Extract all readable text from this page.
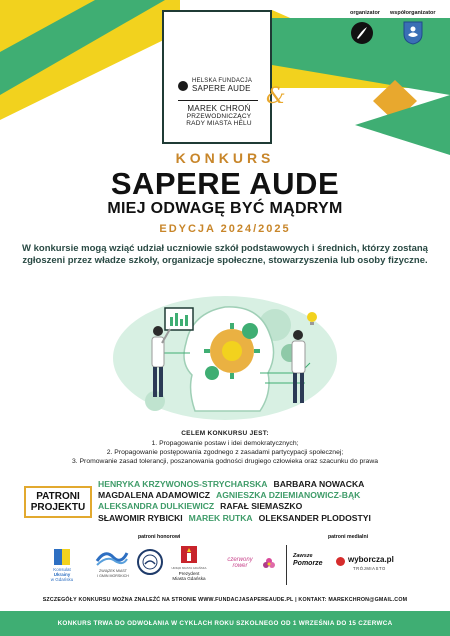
organizator współorganizator
HELSKA FUNDACJA
SAPERE AUDE
MAREK CHROŃ
PRZEWODNICZĄCY
RADY MIASTA HELU
&
KONKURS
SAPERE AUDE
MIEJ ODWAGĘ BYĆ MĄDRYM
EDYCJA 2024/2025
W konkursie mogą wziąć udział uczniowie szkół podstawowych i średnich, którzy zostaną zgłoszeni przez władze szkoły, organizacje społeczne, stowarzyszenia lub osoby fizyczne.
CELEM KONKURSU JEST:
1. Propagowanie postaw i idei demokratycznych;
2. Propagowanie postępowania zgodnego z zasadami partycypacji społecznej;
3. Promowanie zasad tolerancji, poszanowania godności drugiego człowieka oraz szacunku do prawa
PATRONI
PROJEKTU
HENRYKA KRZYWONOS-STRYCHARSKA BARBARA NOWACKA
MAGDALENA ADAMOWICZ AGNIESZKA DZIEMIANOWICZ-BĄK
ALEKSANDRA DULKIEWICZ RAFAŁ SIEMASZKO
SŁAWOMIR RYBICKI MAREK RUTKA OLEKSANDER PLODOSTYI
patroni honorowi	patroni medialni
Konsulat
Ukrainy
w Gdańsku
ZWIĄZEK MIAST
I GMIN MORSKICH
URZĄD MIASTA GDAŃSKA
Prezydent
Miasta Gdańska
czerwony
rower
Zawsze
Pomorze	wyborcza.pl
TRÓJMIASTO
SZCZEGÓŁY KONKURSU MOŻNA ZNALEŹĆ NA STRONIE WWW.FUNDACJASAPEREAUDE.PL | KONTAKT: MAREKCHRON@GMAIL.COM
KONKURS TRWA DO ODWOŁANIA W CYKLACH ROKU SZKOLNEGO OD 1 WRZEŚNIA DO 15 CZERWCA
